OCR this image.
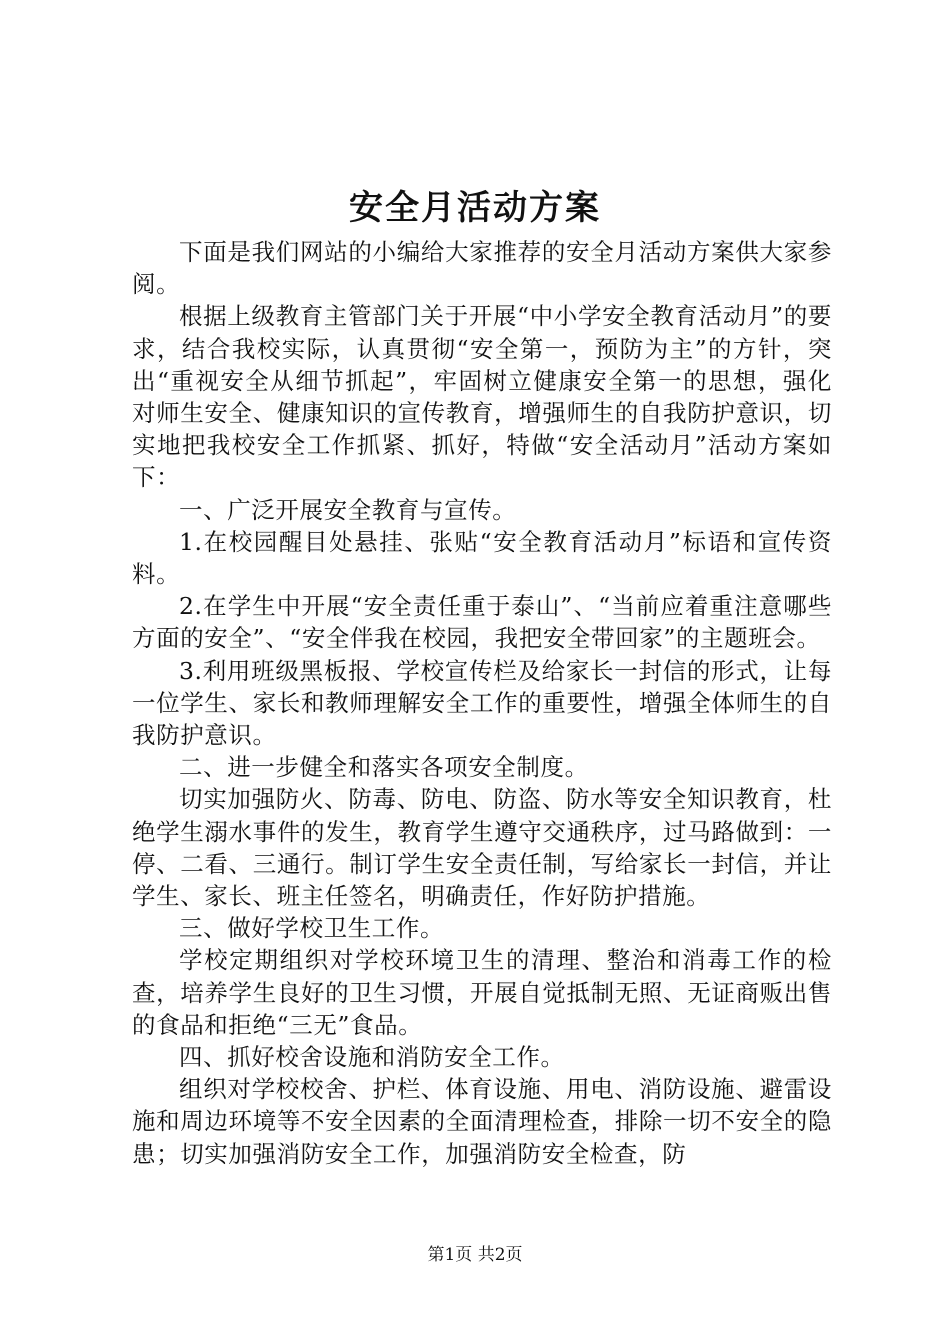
安全月活动方案

下面是我们网站的小编给大家推荐的安全月活动方案供大家参阅。

根据上级教育主管部门关于开展“中小学安全教育活动月”的要求，结合我校实际，认真贯彻“安全第一，预防为主”的方针，突出“重视安全从细节抓起”，牢固树立健康安全第一的思想，强化对师生安全、健康知识的宣传教育，增强师生的自我防护意识，切实地把我校安全工作抓紧、抓好，特做“安全活动月”活动方案如下：

一、广泛开展安全教育与宣传。

1.在校园醒目处悬挂、张贴“安全教育活动月”标语和宣传资料。

2.在学生中开展“安全责任重于泰山”、“当前应着重注意哪些方面的安全”、“安全伴我在校园，我把安全带回家”的主题班会。

3.利用班级黑板报、学校宣传栏及给家长一封信的形式，让每一位学生、家长和教师理解安全工作的重要性，增强全体师生的自我防护意识。

二、进一步健全和落实各项安全制度。

切实加强防火、防毒、防电、防盗、防水等安全知识教育，杜绝学生溺水事件的发生，教育学生遵守交通秩序，过马路做到：一停、二看、三通行。制订学生安全责任制，写给家长一封信，并让学生、家长、班主任签名，明确责任，作好防护措施。

三、做好学校卫生工作。

学校定期组织对学校环境卫生的清理、整治和消毒工作的检查，培养学生良好的卫生习惯，开展自觉抵制无照、无证商贩出售的食品和拒绝“三无”食品。

四、抓好校舍设施和消防安全工作。

组织对学校校舍、护栏、体育设施、用电、消防设施、避雷设施和周边环境等不安全因素的全面清理检查，排除一切不安全的隐患；切实加强消防安全工作，加强消防安全检查，防

第1页 共2页
